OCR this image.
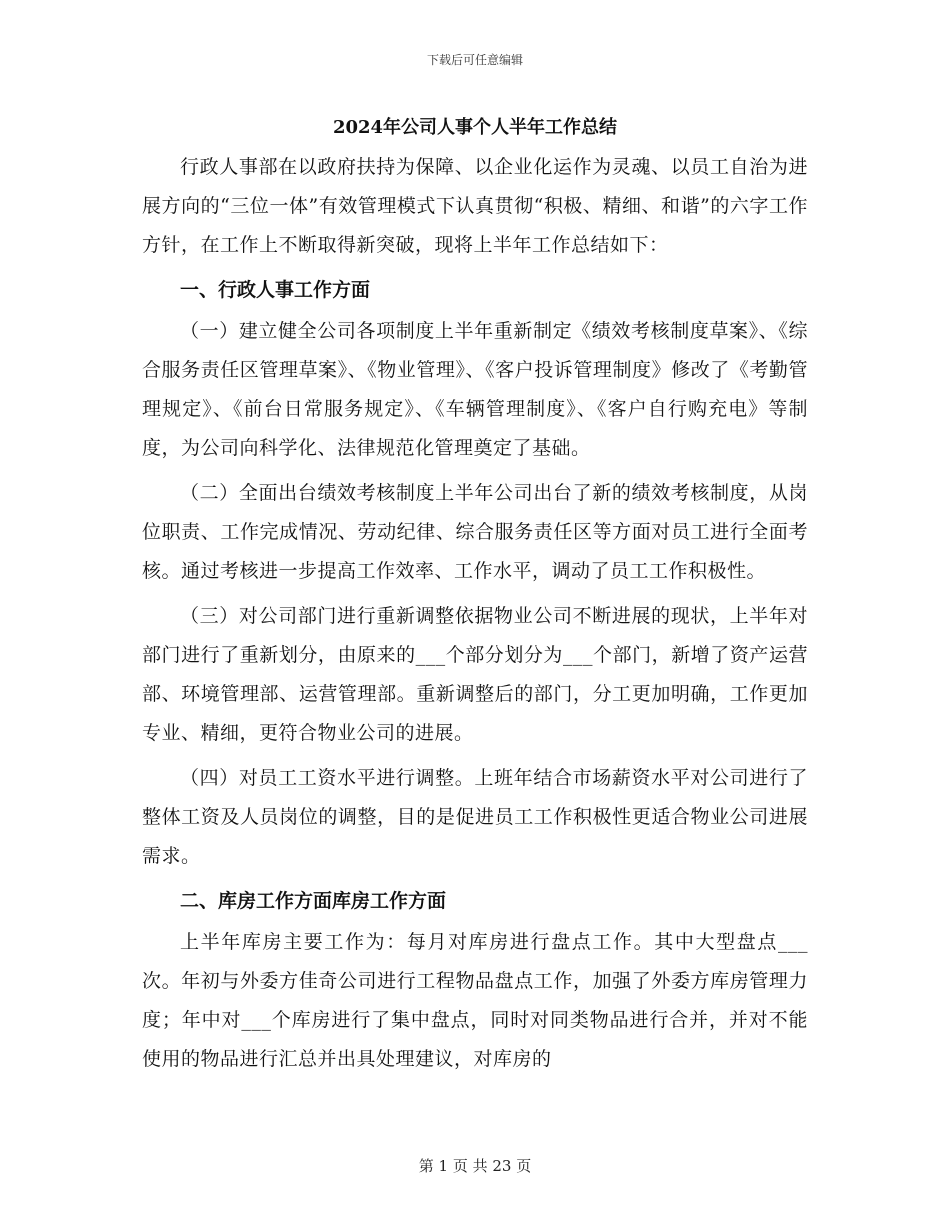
下载后可任意编辑
2024年公司人事个人半年工作总结

行政人事部在以政府扶持为保障、以企业化运作为灵魂、以员工自治为进展方向的“三位一体”有效管理模式下认真贯彻“积极、精细、和谐”的六字工作方针，在工作上不断取得新突破，现将上半年工作总结如下：

一、行政人事工作方面

（一）建立健全公司各项制度上半年重新制定《绩效考核制度草案》、《综合服务责任区管理草案》、《物业管理》、《客户投诉管理制度》修改了《考勤管理规定》、《前台日常服务规定》、《车辆管理制度》、《客户自行购充电》等制度，为公司向科学化、法律规范化管理奠定了基础。

（二）全面出台绩效考核制度上半年公司出台了新的绩效考核制度，从岗位职责、工作完成情况、劳动纪律、综合服务责任区等方面对员工进行全面考核。通过考核进一步提高工作效率、工作水平，调动了员工工作积极性。

（三）对公司部门进行重新调整依据物业公司不断进展的现状，上半年对部门进行了重新划分，由原来的___个部分划分为___个部门，新增了资产运营部、环境管理部、运营管理部。重新调整后的部门，分工更加明确，工作更加专业、精细，更符合物业公司的进展。

（四）对员工工资水平进行调整。上班年结合市场薪资水平对公司进行了整体工资及人员岗位的调整，目的是促进员工工作积极性更适合物业公司进展需求。

二、库房工作方面库房工作方面

上半年库房主要工作为：每月对库房进行盘点工作。其中大型盘点___次。年初与外委方佳奇公司进行工程物品盘点工作，加强了外委方库房管理力度；年中对___个库房进行了集中盘点，同时对同类物品进行合并，并对不能使用的物品进行汇总并出具处理建议，对库房的

第 1 页 共 23 页
